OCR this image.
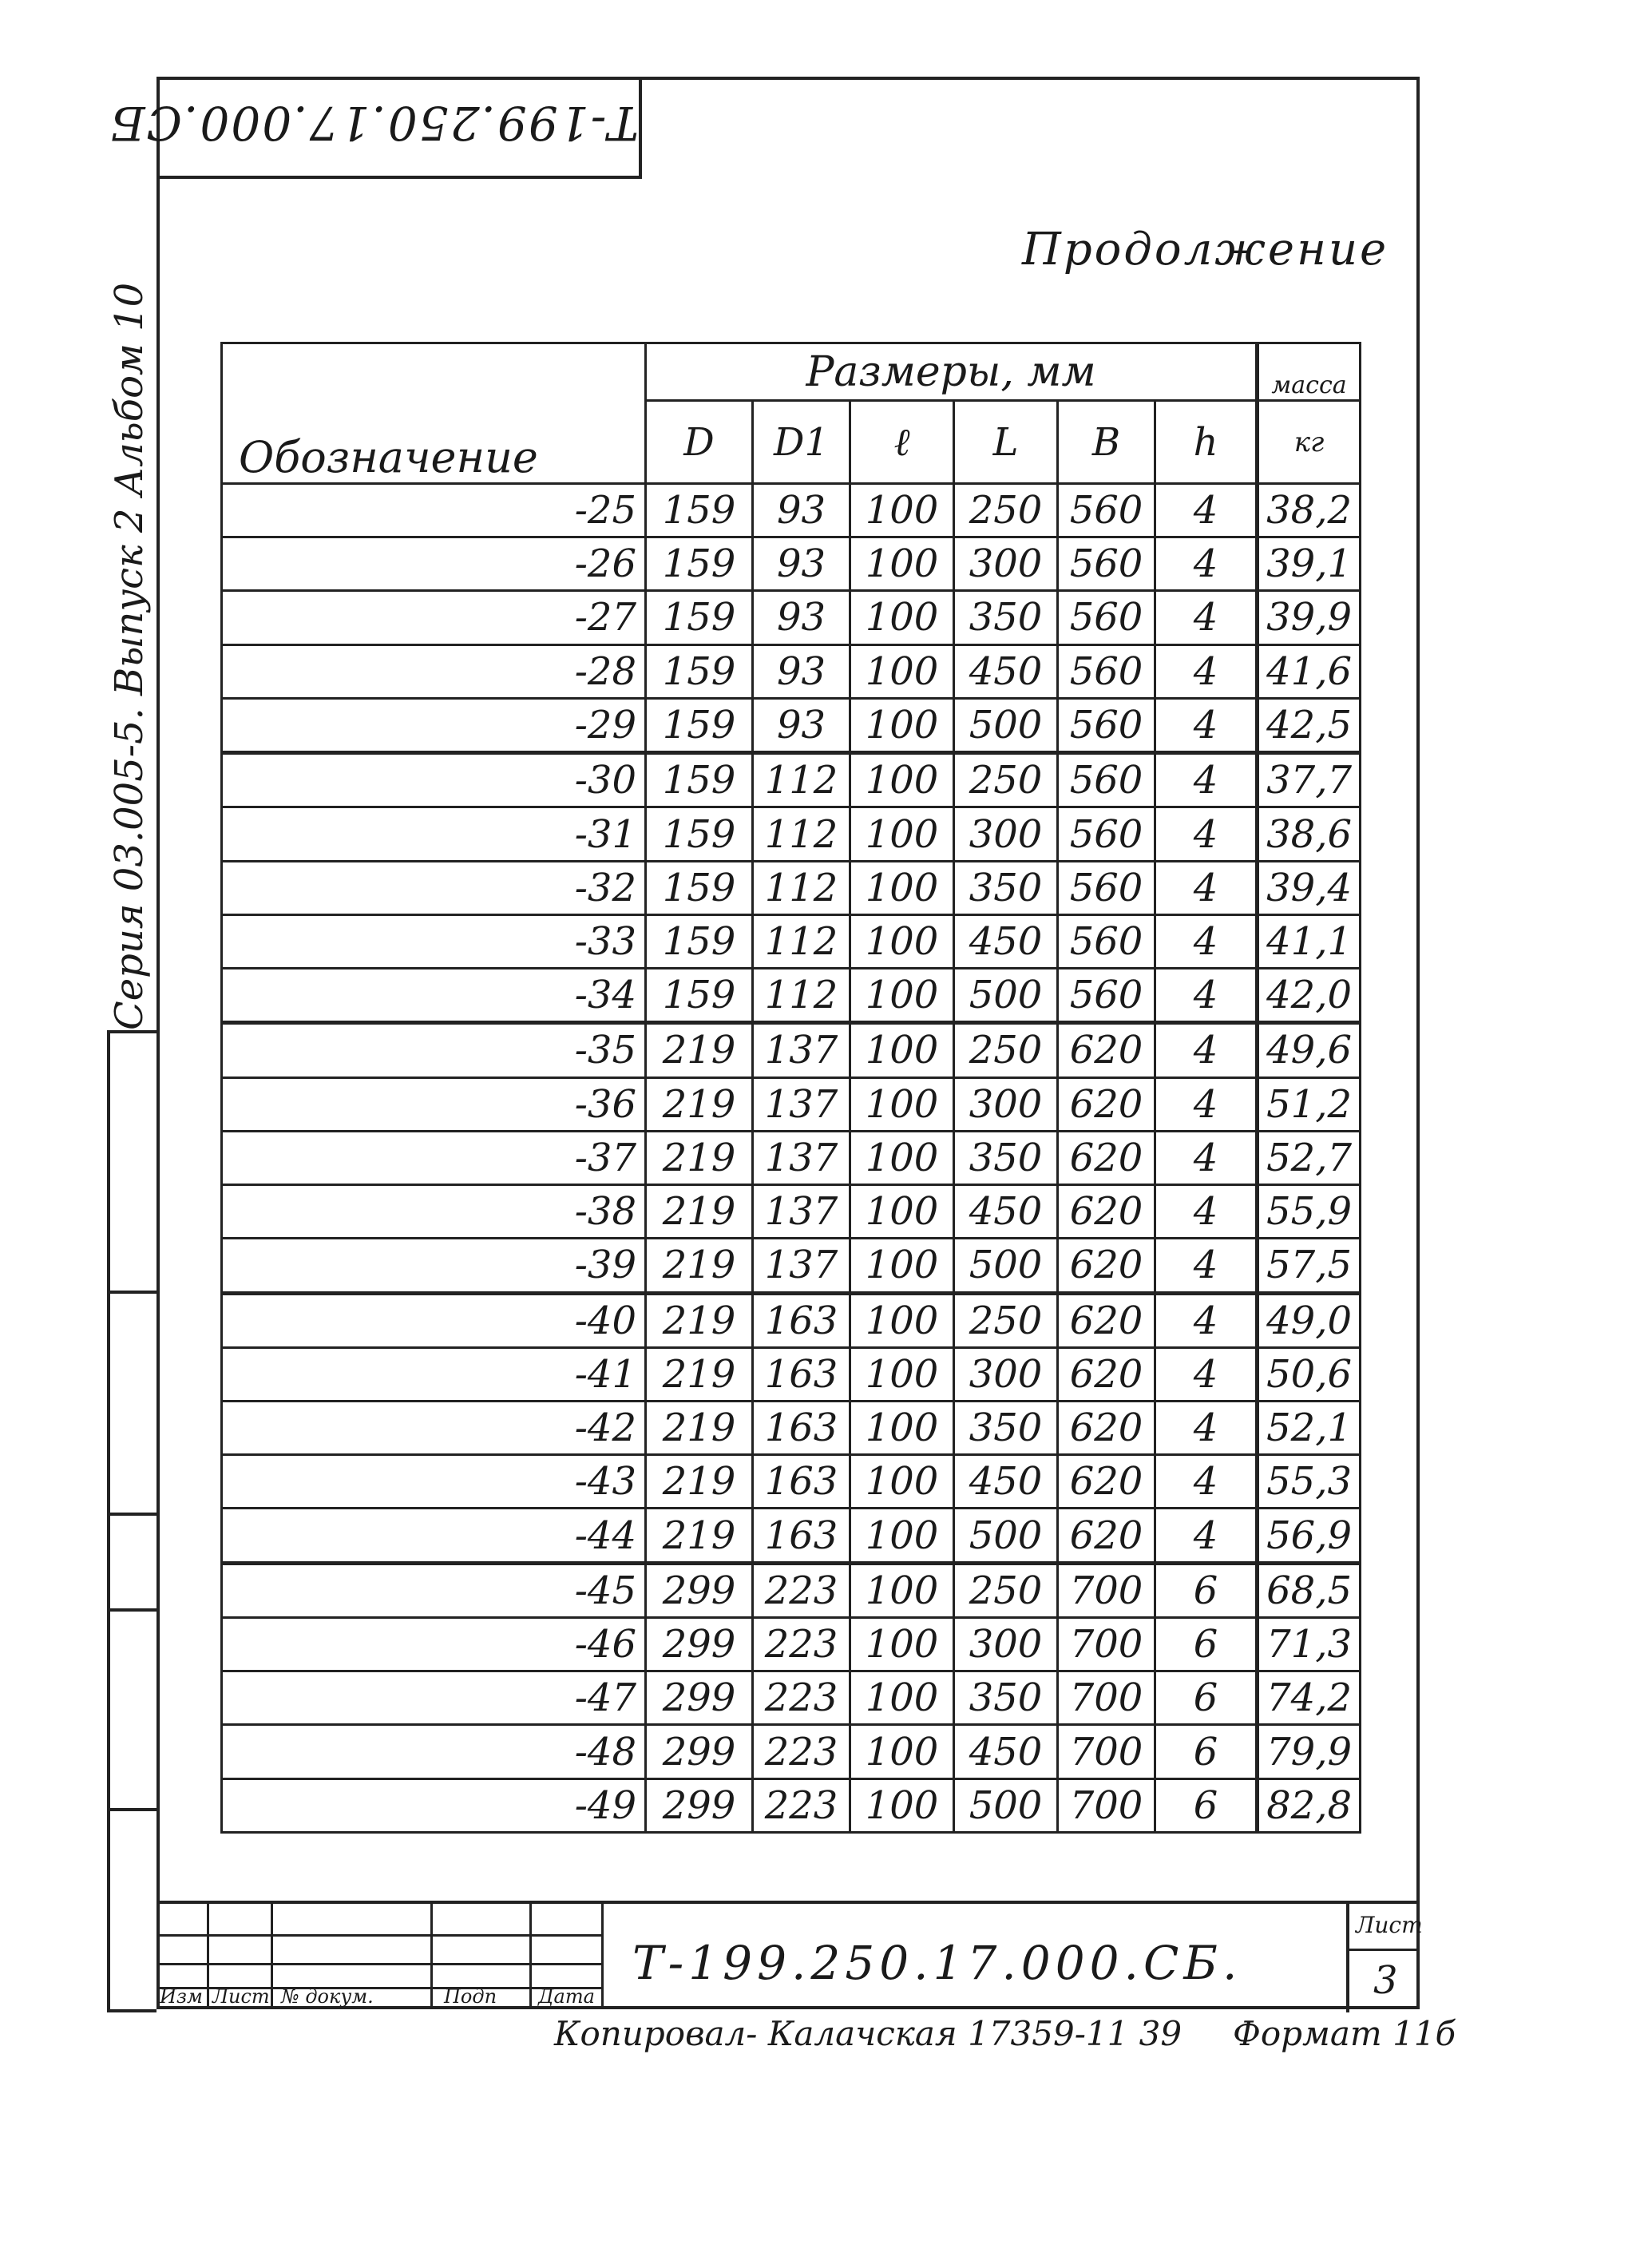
Т-199.250.17.000.СБ
Продолжение
Серия 03.005-5. Выпуск 2 Альбом 10 Обозначение	Размеры, мм						масса
	D	D1	ℓ	L	B	h	кг
-25	159	93	100	250	560	4	38,2
-26	159	93	100	300	560	4	39,1
-27	159	93	100	350	560	4	39,9
-28	159	93	100	450	560	4	41,6
-29	159	93	100	500	560	4	42,5
-30	159	112	100	250	560	4	37,7
-31	159	112	100	300	560	4	38,6
-32	159	112	100	350	560	4	39,4
-33	159	112	100	450	560	4	41,1
-34	159	112	100	500	560	4	42,0
-35	219	137	100	250	620	4	49,6
-36	219	137	100	300	620	4	51,2
-37	219	137	100	350	620	4	52,7
-38	219	137	100	450	620	4	55,9
-39	219	137	100	500	620	4	57,5
-40	219	163	100	250	620	4	49,0
-41	219	163	100	300	620	4	50,6
-42	219	163	100	350	620	4	52,1
-43	219	163	100	450	620	4	55,3
-44	219	163	100	500	620	4	56,9
-45	299	223	100	250	700	6	68,5
-46	299	223	100	300	700	6	71,3
-47	299	223	100	350	700	6	74,2
-48	299	223	100	450	700	6	79,9
-49	299	223	100	500	700	6	82,8
Изм Лист № докум.	Подп Дата
Т-199.250.17.000.СБ.
Лист
3
Копировал- Калачская 17359-11 39 Формат 11б
